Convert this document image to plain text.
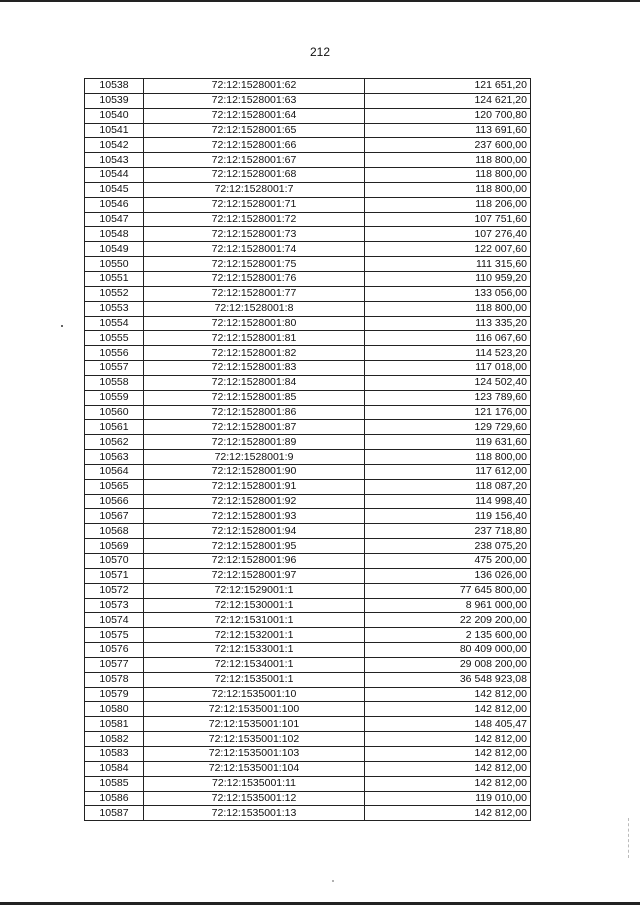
212
10538	72:12:1528001:62	121 651,20
10539	72:12:1528001:63	124 621,20
10540	72:12:1528001:64	120 700,80
10541	72:12:1528001:65	113 691,60
10542	72:12:1528001:66	237 600,00
10543	72:12:1528001:67	118 800,00
10544	72:12:1528001:68	118 800,00
10545	72:12:1528001:7	118 800,00
10546	72:12:1528001:71	118 206,00
10547	72:12:1528001:72	107 751,60
10548	72:12:1528001:73	107 276,40
10549	72:12:1528001:74	122 007,60
10550	72:12:1528001:75	111 315,60
10551	72:12:1528001:76	110 959,20
10552	72:12:1528001:77	133 056,00
10553	72:12:1528001:8	118 800,00
10554	72:12:1528001:80	113 335,20
10555	72:12:1528001:81	116 067,60
10556	72:12:1528001:82	114 523,20
10557	72:12:1528001:83	117 018,00
10558	72:12:1528001:84	124 502,40
10559	72:12:1528001:85	123 789,60
10560	72:12:1528001:86	121 176,00
10561	72:12:1528001:87	129 729,60
10562	72:12:1528001:89	119 631,60
10563	72:12:1528001:9	118 800,00
10564	72:12:1528001:90	117 612,00
10565	72:12:1528001:91	118 087,20
10566	72:12:1528001:92	114 998,40
10567	72:12:1528001:93	119 156,40
10568	72:12:1528001:94	237 718,80
10569	72:12:1528001:95	238 075,20
10570	72:12:1528001:96	475 200,00
10571	72:12:1528001:97	136 026,00
10572	72:12:1529001:1	77 645 800,00
10573	72:12:1530001:1	8 961 000,00
10574	72:12:1531001:1	22 209 200,00
10575	72:12:1532001:1	2 135 600,00
10576	72:12:1533001:1	80 409 000,00
10577	72:12:1534001:1	29 008 200,00
10578	72:12:1535001:1	36 548 923,08
10579	72:12:1535001:10	142 812,00
10580	72:12:1535001:100	142 812,00
10581	72:12:1535001:101	148 405,47
10582	72:12:1535001:102	142 812,00
10583	72:12:1535001:103	142 812,00
10584	72:12:1535001:104	142 812,00
10585	72:12:1535001:11	142 812,00
10586	72:12:1535001:12	119 010,00
10587	72:12:1535001:13	142 812,00
